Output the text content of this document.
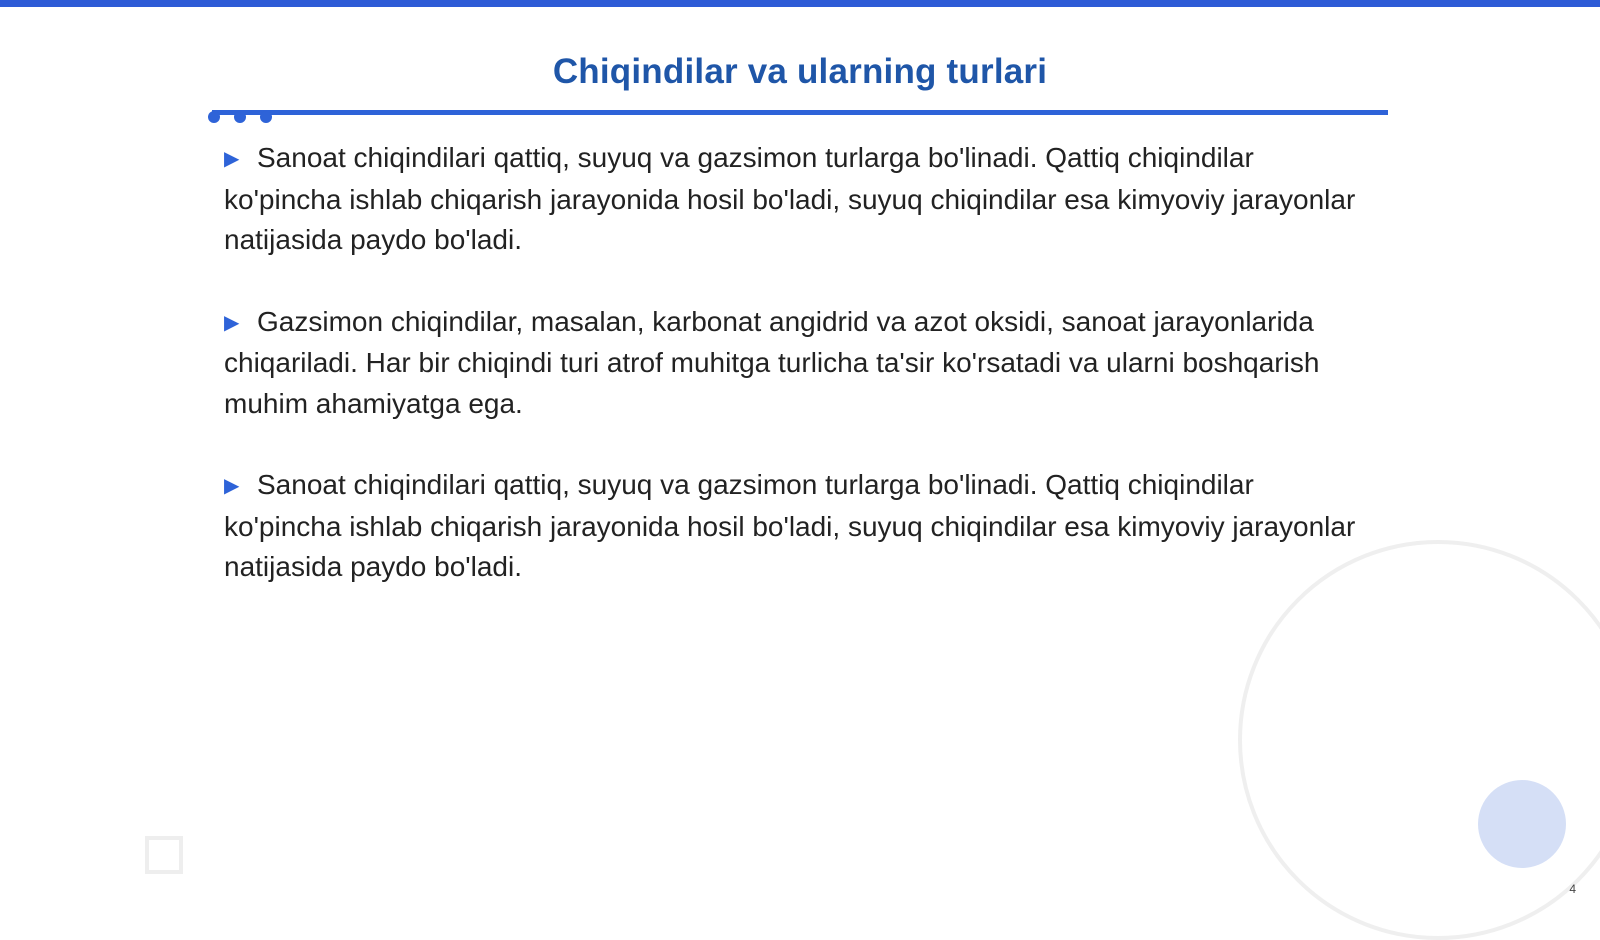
Chiqindilar va ularning turlari

▶ Sanoat chiqindilari qattiq, suyuq va gazsimon turlarga bo'linadi. Qattiq chiqindilar ko'pincha ishlab chiqarish jarayonida hosil bo'ladi, suyuq chiqindilar esa kimyoviy jarayonlar natijasida paydo bo'ladi.

▶ Gazsimon chiqindilar, masalan, karbonat angidrid va azot oksidi, sanoat jarayonlarida chiqariladi. Har bir chiqindi turi atrof muhitga turlicha ta'sir ko'rsatadi va ularni boshqarish muhim ahamiyatga ega.

▶ Sanoat chiqindilari qattiq, suyuq va gazsimon turlarga bo'linadi. Qattiq chiqindilar ko'pincha ishlab chiqarish jarayonida hosil bo'ladi, suyuq chiqindilar esa kimyoviy jarayonlar natijasida paydo bo'ladi.

4
